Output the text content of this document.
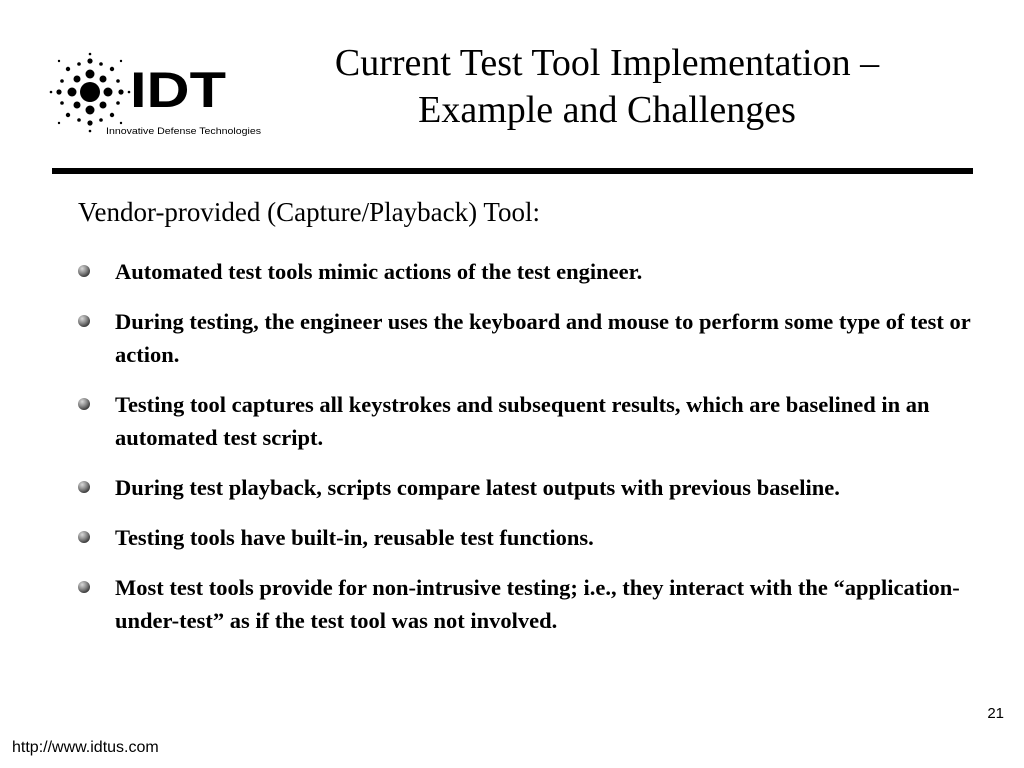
IDT
Innovative Defense Technologies
Current Test Tool Implementation –
Example and Challenges
Vendor-provided (Capture/Playback) Tool:
Automated test tools mimic actions of the test engineer.
During testing, the engineer uses the keyboard and mouse to perform some type of test or action.
Testing tool captures all keystrokes and subsequent results, which are baselined in an automated test script.
During test playback, scripts compare latest outputs with previous baseline.
Testing tools have built-in, reusable test functions.
Most test tools provide for non-intrusive testing; i.e., they interact with the “application-under-test” as if the test tool was not involved.
21
http://www.idtus.com
